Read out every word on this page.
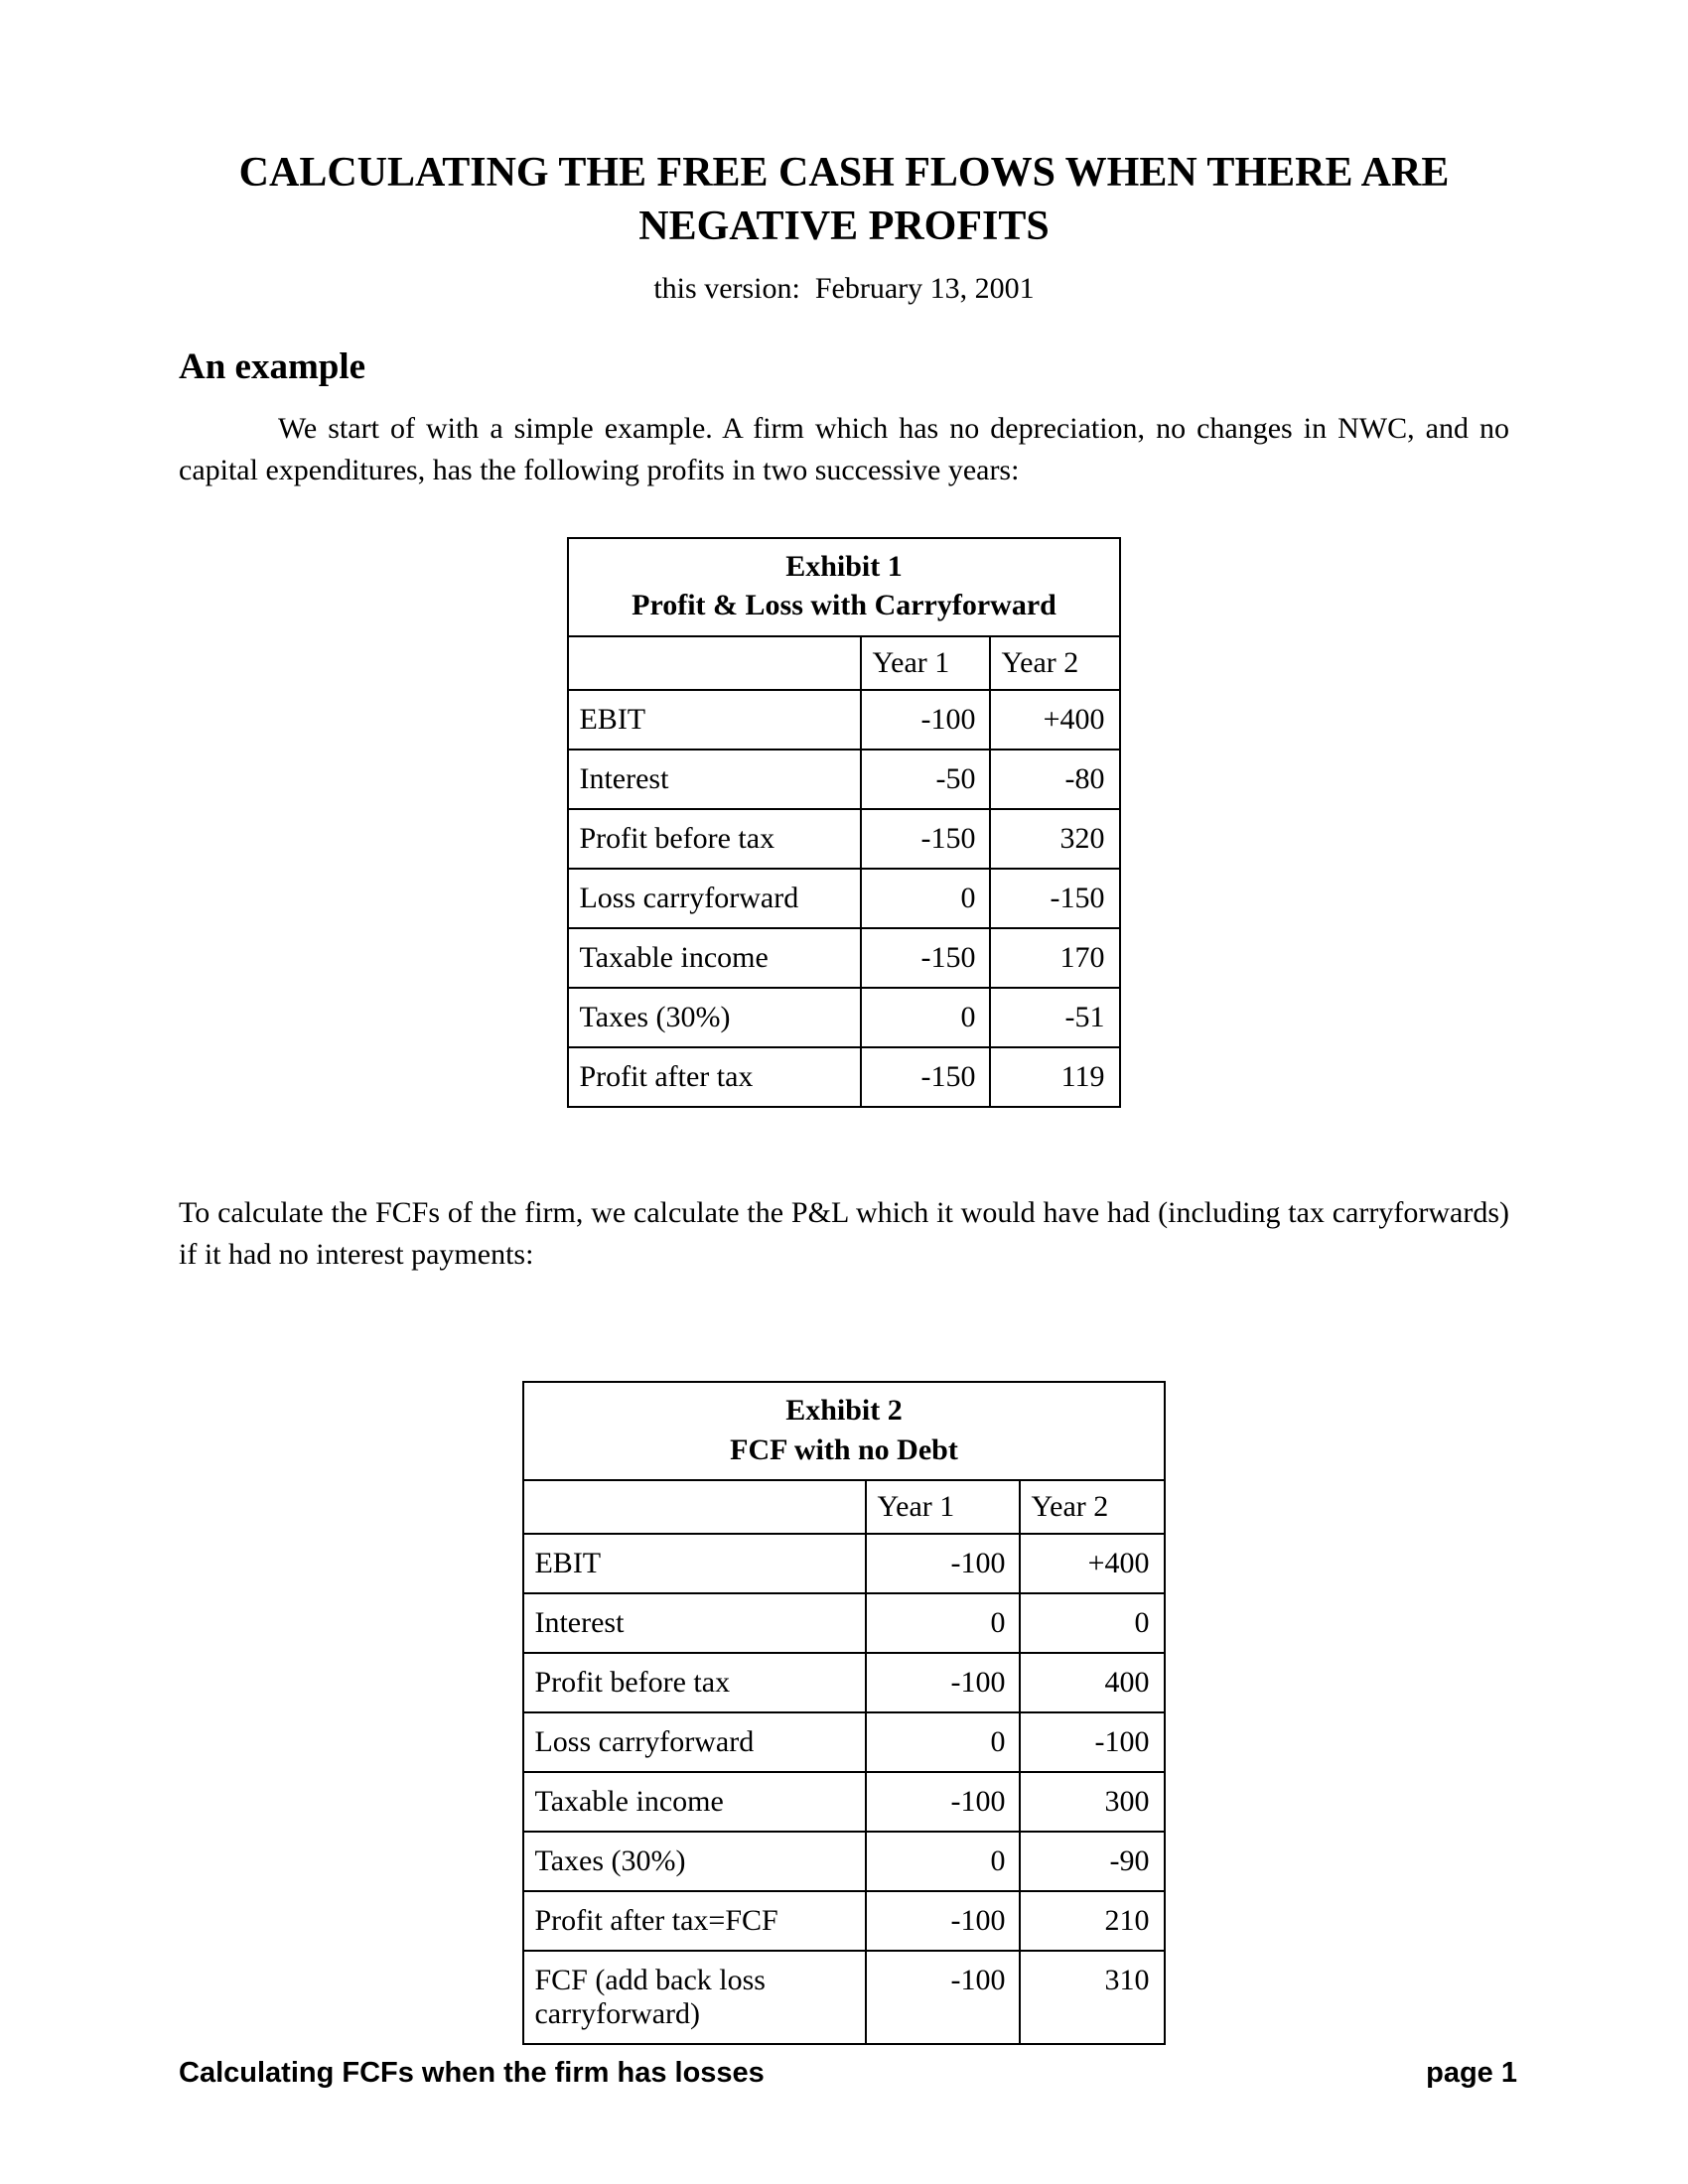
CALCULATING THE FREE CASH FLOWS WHEN THERE ARE NEGATIVE PROFITS
this version:  February 13, 2001
An example

We start of with a simple example. A firm which has no depreciation, no changes in NWC, and no capital expenditures, has the following profits in two successive years:

Exhibit 1
Profit & Loss with Carryforward		

	Year 1	Year 2
EBIT	-100	+400
Interest	-50	-80
Profit before tax	-150	320
Loss carryforward	0	-150
Taxable income	-150	170
Taxes (30%)	0	-51
Profit after tax	-150	119

To calculate the FCFs of the firm, we calculate the P&L which it would have had (including tax carryforwards) if it had no interest payments:

Exhibit 2
FCF with no Debt		

	Year 1	Year 2
EBIT	-100	+400
Interest	0	0
Profit before tax	-100	400
Loss carryforward	0	-100
Taxable income	-100	300
Taxes (30%)	0	-90
Profit after tax=FCF	-100	210
FCF (add back loss carryforward)	-100	310
Calculating FCFs when the firm has losses	page 1
